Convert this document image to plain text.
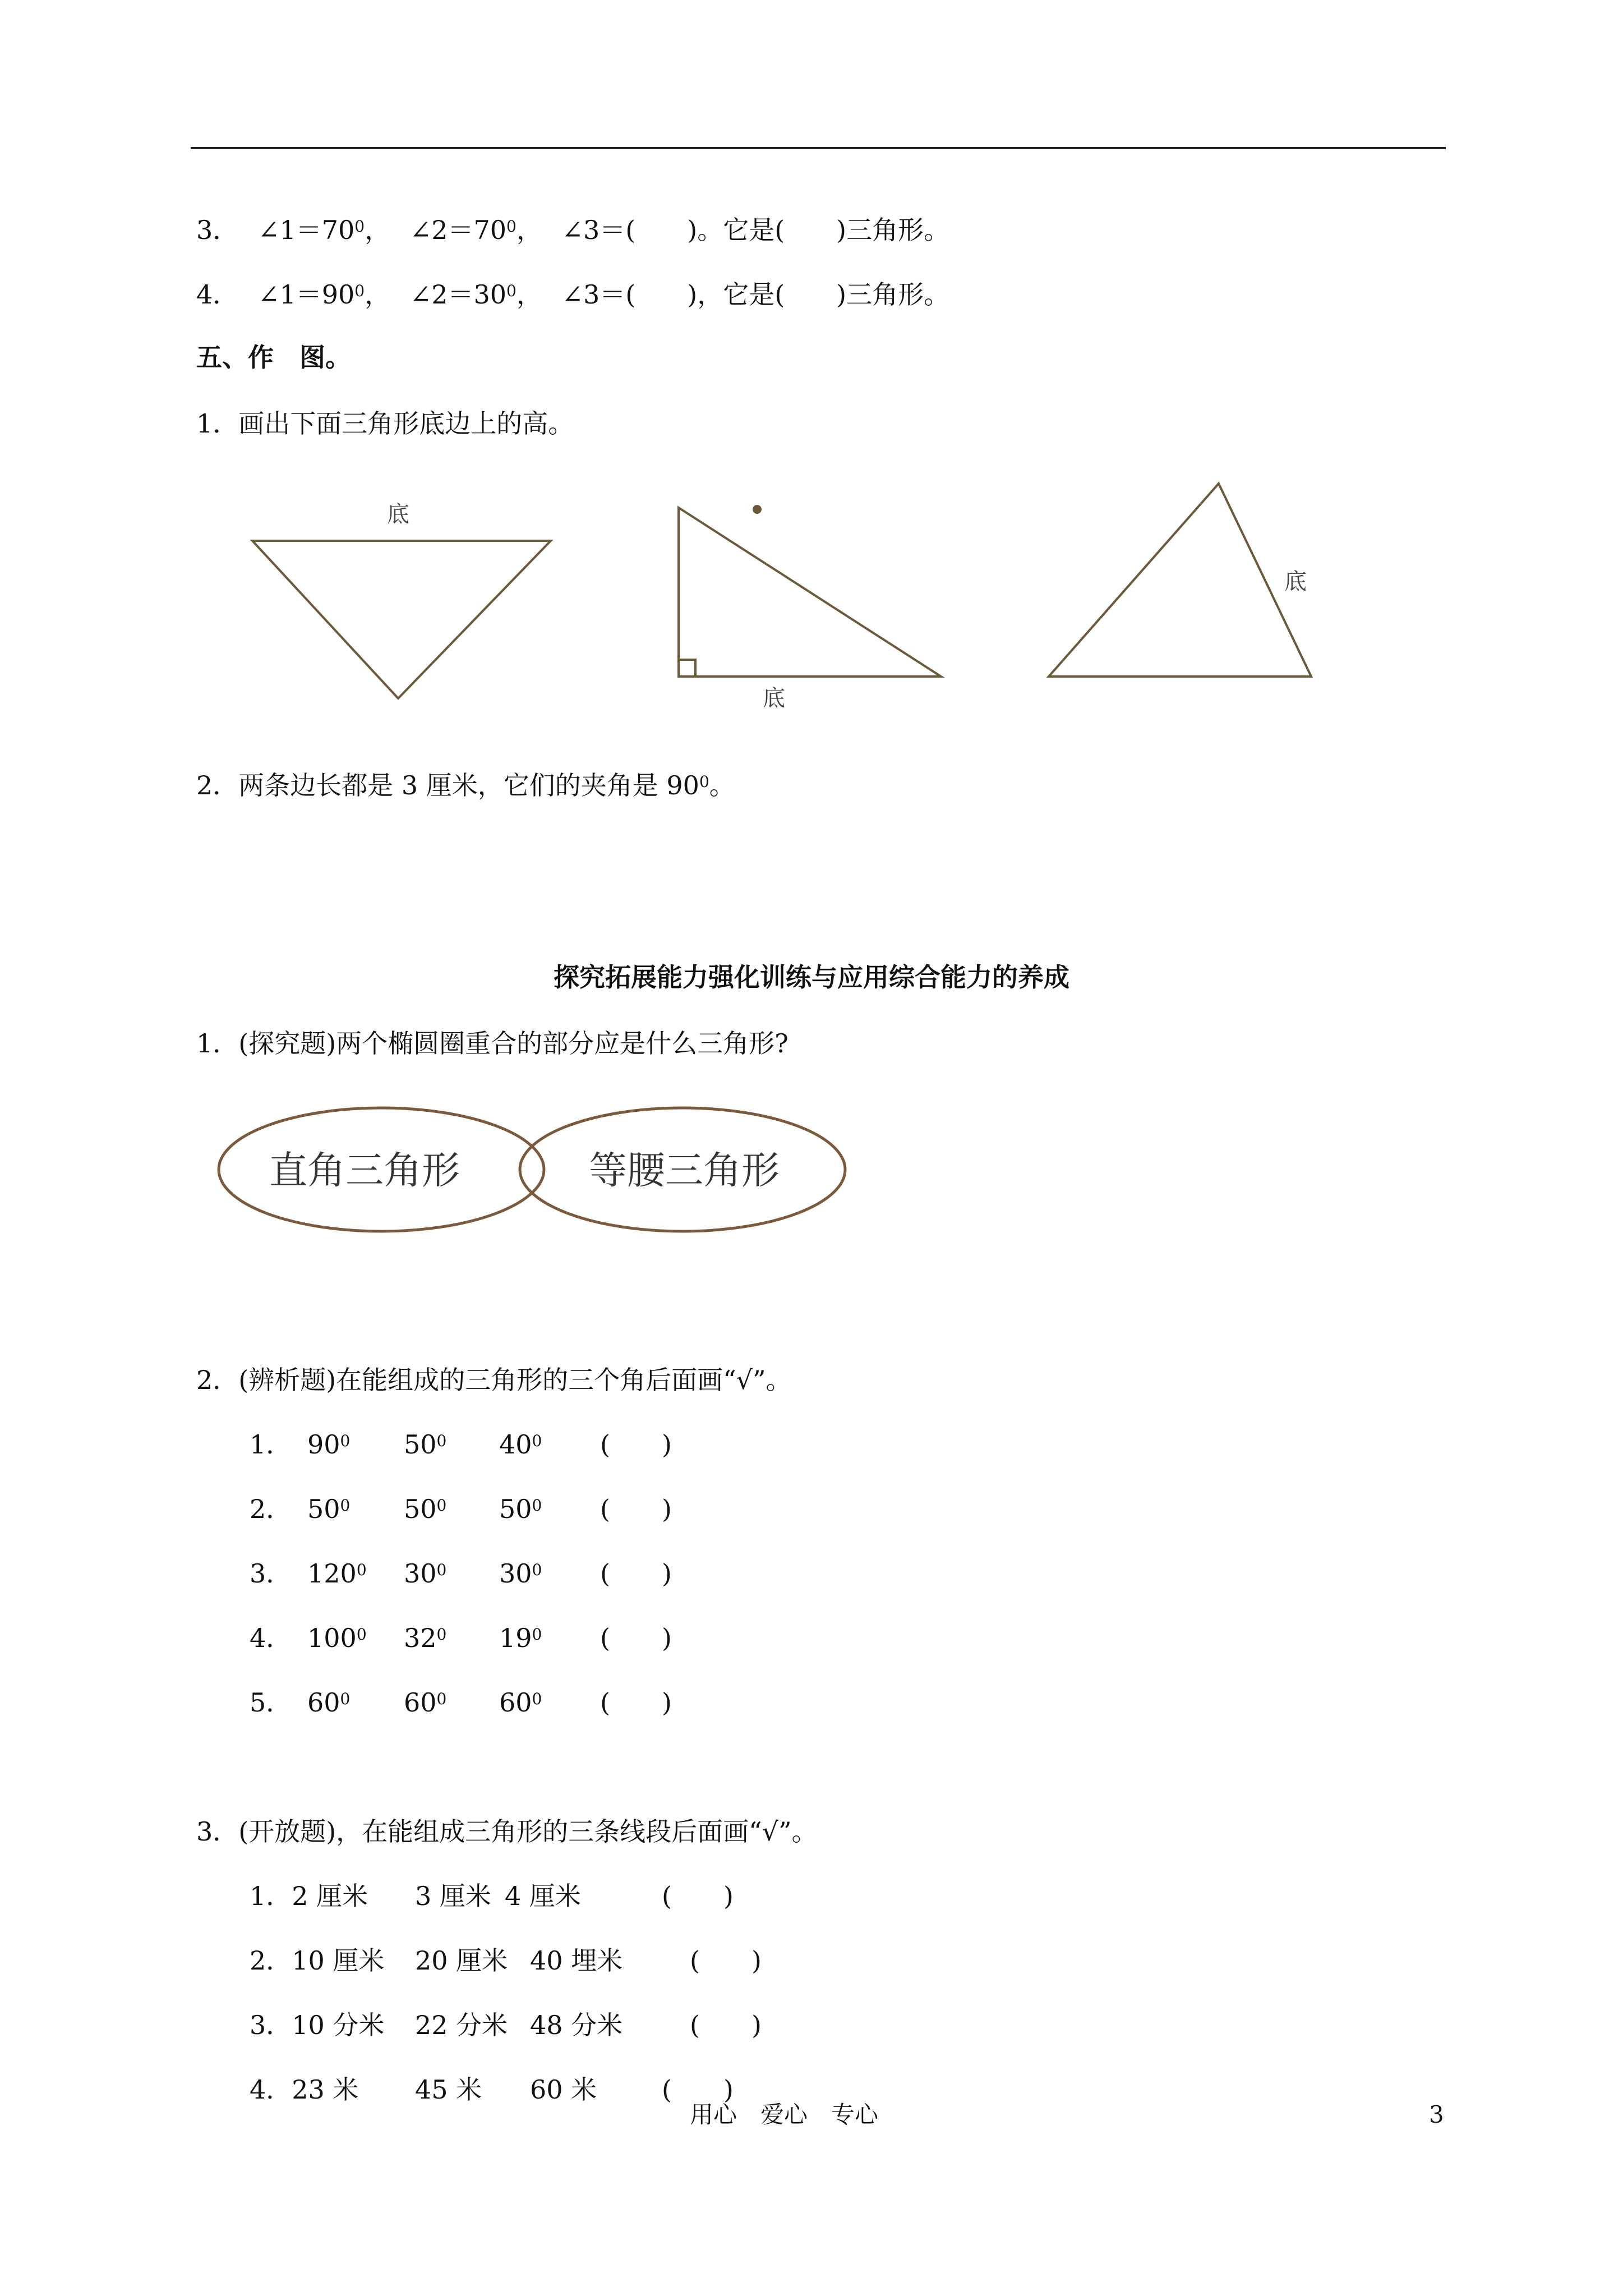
3． $\angle 1=70^0$， $\angle 2=70^0$， ∠3＝(　　)。它是(　　)三角形。
4． $\angle 1=90^0$， $\angle 2=30^0$， ∠3＝(　　)，它是(　　)三角形。
五、作　图。
1．画出下面三角形底边上的高。
底
底
底
2．两条边长都是 3 厘米，它们的夹角是 $90^0$。
探究拓展能力强化训练与应用综合能力的养成
1．(探究题)两个椭圆圈重合的部分应是什么三角形?
直角三角形	等腰三角形
2．(辨析题)在能组成的三角形的三个角后面画“√”。
1． $90^0$ $50^0$ $40^0$ (　　)
2． $50^0$ $50^0$ $50^0$ (　　)
3． $120^0$ $30^0$ $30^0$ (　　)
4． $100^0$ $32^0$ $19^0$ (　　)
5． $60^0$ $60^0$ $60^0$ (　　)
3．(开放题)，在能组成三角形的三条线段后面画“√”。
1．2 厘米 3 厘米 4 厘米	(　　)
2．10 厘米 20 厘米 40 埋米	(　　)
3．10 分米 22 分米 48 分米	(　　)
4．23 米 45 米 60 米	(　　)
用心　爱心　专心	3
